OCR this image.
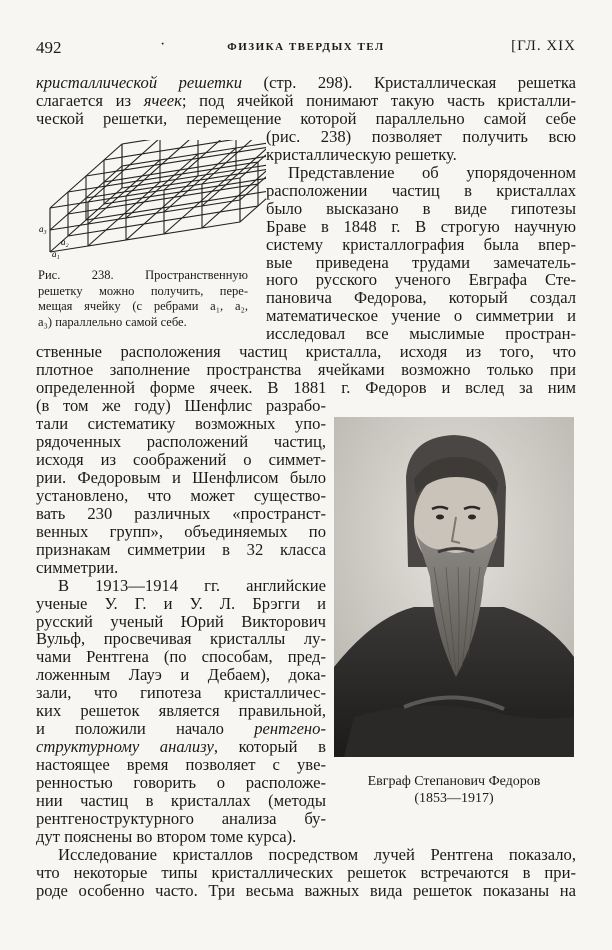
492	·	ФИЗИКА ТВЕРДЫХ ТЕЛ	[ГЛ. XIX
a₃
a₂
a₁
Рис. 238. Пространственную
решетку можно получить, пере-
мещая ячейку (с ребрами a₁, a₂,
a₃) параллельно самой себе.
Евграф Степанович Федоров
(1853—1917)
кристаллической решетки (стр. 298). Кристаллическая решетка
слагается из ячеек; под ячейкой понимают такую часть кристалли-
ческой решетки, перемещение которой параллельно самой себе
(рис. 238) позволяет получить всю
кристаллическую решетку.
Представление об упорядоченном
расположении частиц в кристаллах
было высказано в виде гипотезы
Браве в 1848 г. В строгую научную
систему кристаллография была впер-
вые приведена трудами замечатель-
ного русского ученого Евграфа Сте-
пановича Федорова, который создал
математическое учение о симметрии и
исследовал все мыслимые простран-
ственные расположения частиц кристалла, исходя из того, что
плотное заполнение пространства ячейками возможно только при
определенной форме ячеек. В 1881 г. Федоров и вслед за ним
(в том же году) Шенфлис разрабо-
тали систематику возможных упо-
рядоченных расположений частиц,
исходя из соображений о симмет-
рии. Федоровым и Шенфлисом было
установлено, что может существо-
вать 230 различных «пространст-
венных групп», объединяемых по
признакам симметрии в 32 класса
симметрии.
В 1913—1914 гг. английские
ученые У. Г. и У. Л. Брэгги и
русский ученый Юрий Викторович
Вульф, просвечивая кристаллы лу-
чами Рентгена (по способам, пред-
ложенным Лауэ и Дебаем), дока-
зали, что гипотеза кристалличес-
ких решеток является правильной,
и положили начало рентгено-
структурному анализу, который в
настоящее время позволяет с увe-
ренностью говорить о расположе-
нии частиц в кристаллах (методы
рентгеноструктурного анализа бу-
дут пояснены во втором томе курса).
Исследование кристаллов посредством лучей Рентгена показало,
что некоторые типы кристаллических решеток встречаются в при-
роде особенно часто. Три весьма важных вида решеток показаны на
